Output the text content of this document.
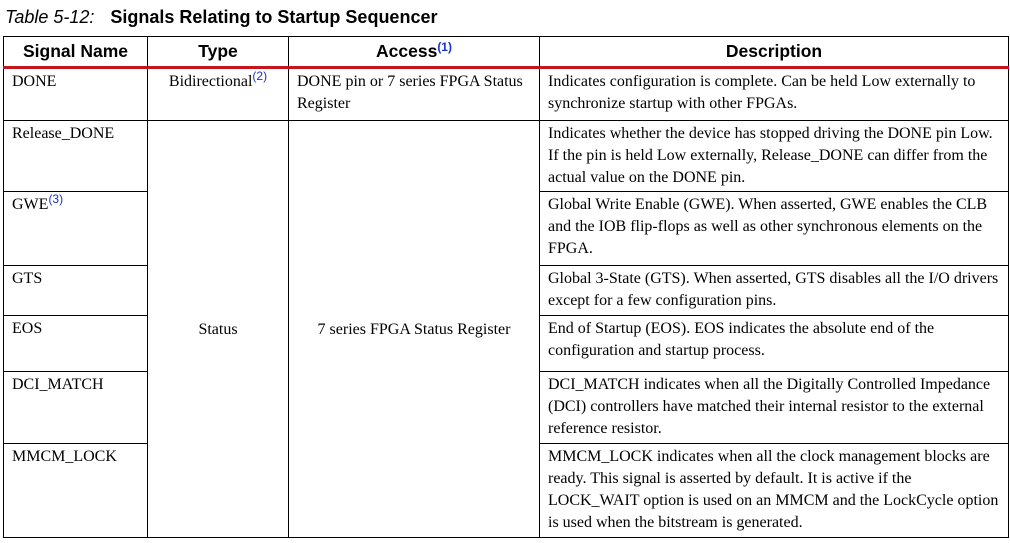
Table 5-12: Signals Relating to Startup Sequencer
Signal Name	Type	Access$^{(1)}$	Description
DONE	Bidirectional$^{(2)}$	DONE pin or 7 series FPGA Status Register	Indicates configuration is complete. Can be held Low externally to synchronize startup with other FPGAs.
Release_DONE	Status	7 series FPGA Status Register	Indicates whether the device has stopped driving the DONE pin Low. If the pin is held Low externally, Release_DONE can differ from the actual value on the DONE pin.
GWE$^{(3)}$			Global Write Enable (GWE). When asserted, GWE enables the CLB and the IOB flip-flops as well as other synchronous elements on the FPGA.
GTS			Global 3-State (GTS). When asserted, GTS disables all the I/O drivers except for a few configuration pins.
EOS			End of Startup (EOS). EOS indicates the absolute end of the configuration and startup process.
DCI_MATCH			DCI_MATCH indicates when all the Digitally Controlled Impedance (DCI) controllers have matched their internal resistor to the external reference resistor.
MMCM_LOCK			MMCM_LOCK indicates when all the clock management blocks are ready. This signal is asserted by default. It is active if the LOCK_WAIT option is used on an MMCM and the LockCycle option is used when the bitstream is generated.
